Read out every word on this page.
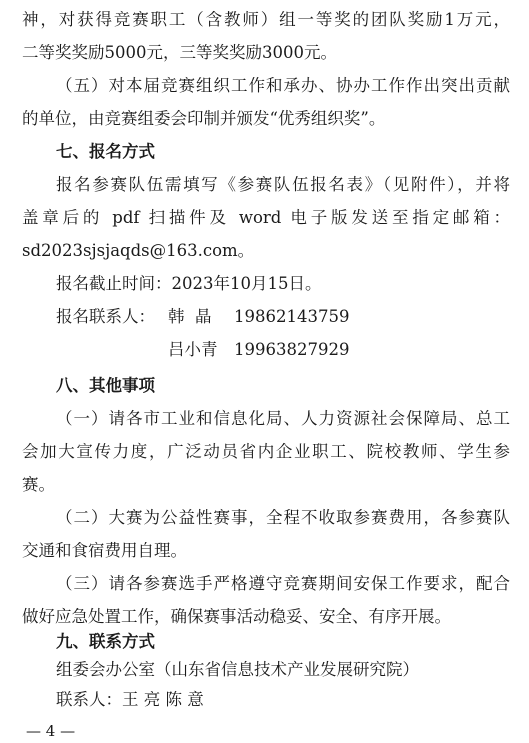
神，对获得竞赛职工（含教师）组一等奖的团队奖励1万元，
二等奖奖励5000元，三等奖奖励3000元。
（五）对本届竞赛组织工作和承办、协办工作作出突出贡献
的单位，由竞赛组委会印制并颁发“优秀组织奖”。
七、报名方式
报名参赛队伍需填写《参赛队伍报名表》（见附件），并将
盖章后的 pdf 扫描件及 word 电子版发送至指定邮箱：
sd2023sjsjaqds@163.com。
报名截止时间：2023年10月15日。
报名联系人： 韩  晶 19862143759
吕小青 19963827929
八、其他事项
（一）请各市工业和信息化局、人力资源社会保障局、总工
会加大宣传力度，广泛动员省内企业职工、院校教师、学生参
赛。
（二）大赛为公益性赛事，全程不收取参赛费用，各参赛队
交通和食宿费用自理。
（三）请各参赛选手严格遵守竞赛期间安保工作要求，配合
做好应急处置工作，确保赛事活动稳妥、安全、有序开展。
九、联系方式
组委会办公室（山东省信息技术产业发展研究院）
— 4 —
联系人：王 亮 陈 意
